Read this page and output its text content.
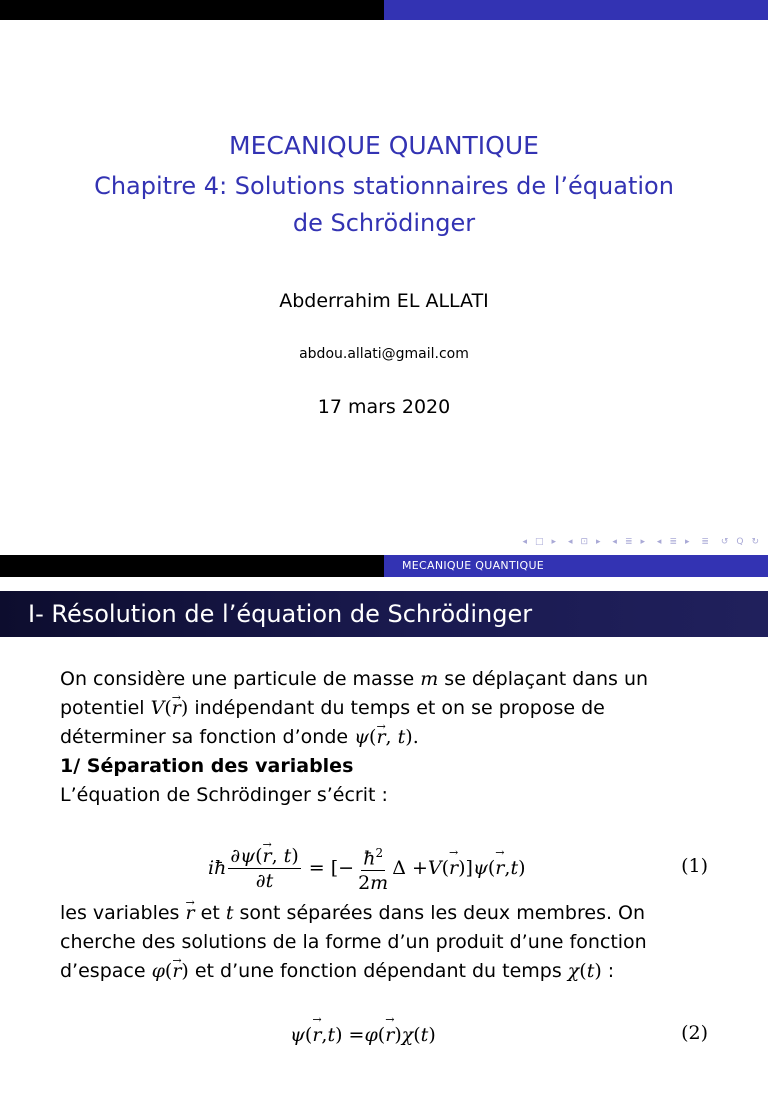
MECANIQUE QUANTIQUE
Chapitre 4: Solutions stationnaires de l’équation
de Schrödinger
Abderrahim EL ALLATI
abdou.allati@gmail.com
17 mars 2020
◂ □ ▸ ◂ ⊡ ▸ ◂ ≣ ▸ ◂ ≣ ▸ ≣ ↺ Q ↻
MECANIQUE QUANTIQUE
I- Résolution de l’équation de Schrödinger

On considère une particule de masse m se déplaçant dans un
potentiel V(→ r) indépendant du temps et on se propose de
déterminer sa fonction d’onde ψ(→ r, t).

1/ Séparation des variables

L’équation de Schrödinger s’écrit :

iħ $\frac{\partial\psi(\to r, t)}{\partial t}$ = [− $\frac{ħ^2}{2m}$ Δ + V ( → r )] ψ ( → r , t )	(1)

les variables → r et t sont séparées dans les deux membres. On
cherche des solutions de la forme d’un produit d’une fonction
d’espace φ(→ r) et d’une fonction dépendant du temps χ(t) :

ψ ( → r , t ) = φ ( → r ) χ ( t )	(2)
